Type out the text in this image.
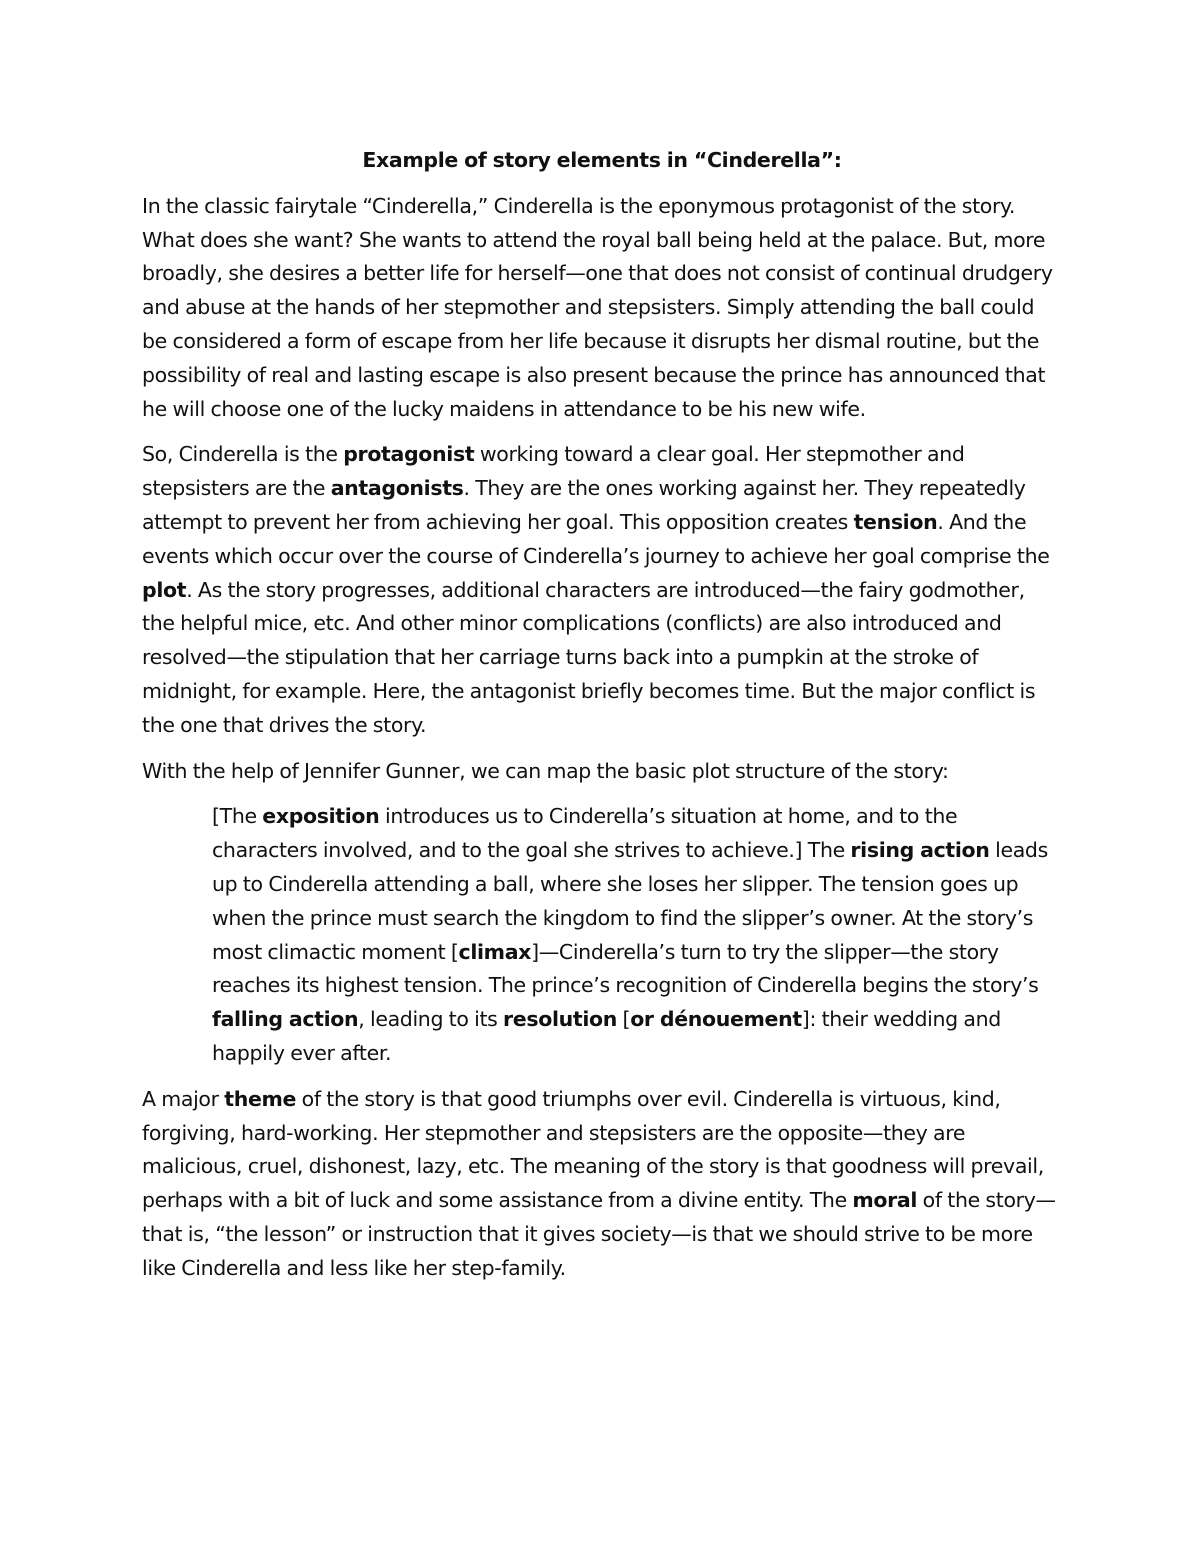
Example of story elements in “Cinderella”:

In the classic fairytale “Cinderella,” Cinderella is the eponymous protagonist of the story. What does she want? She wants to attend the royal ball being held at the palace. But, more broadly, she desires a better life for herself—one that does not consist of continual drudgery and abuse at the hands of her stepmother and stepsisters. Simply attending the ball could be considered a form of escape from her life because it disrupts her dismal routine, but the possibility of real and lasting escape is also present because the prince has announced that he will choose one of the lucky maidens in attendance to be his new wife.

So, Cinderella is the protagonist working toward a clear goal. Her stepmother and stepsisters are the antagonists. They are the ones working against her. They repeatedly attempt to prevent her from achieving her goal. This opposition creates tension. And the events which occur over the course of Cinderella’s journey to achieve her goal comprise the plot. As the story progresses, additional characters are introduced—the fairy godmother, the helpful mice, etc. And other minor complications (conflicts) are also introduced and resolved—the stipulation that her carriage turns back into a pumpkin at the stroke of midnight, for example. Here, the antagonist briefly becomes time. But the major conflict is the one that drives the story.

With the help of Jennifer Gunner, we can map the basic plot structure of the story:

[The exposition introduces us to Cinderella’s situation at home, and to the characters involved, and to the goal she strives to achieve.] The rising action leads up to Cinderella attending a ball, where she loses her slipper. The tension goes up when the prince must search the kingdom to find the slipper’s owner. At the story’s most climactic moment [climax]—Cinderella’s turn to try the slipper—the story reaches its highest tension. The prince’s recognition of Cinderella begins the story’s falling action, leading to its resolution [or dénouement]: their wedding and happily ever after.

A major theme of the story is that good triumphs over evil. Cinderella is virtuous, kind, forgiving, hard-working. Her stepmother and stepsisters are the opposite—they are malicious, cruel, dishonest, lazy, etc. The meaning of the story is that goodness will prevail, perhaps with a bit of luck and some assistance from a divine entity. The moral of the story—that is, “the lesson” or instruction that it gives society—is that we should strive to be more like Cinderella and less like her step-family.
